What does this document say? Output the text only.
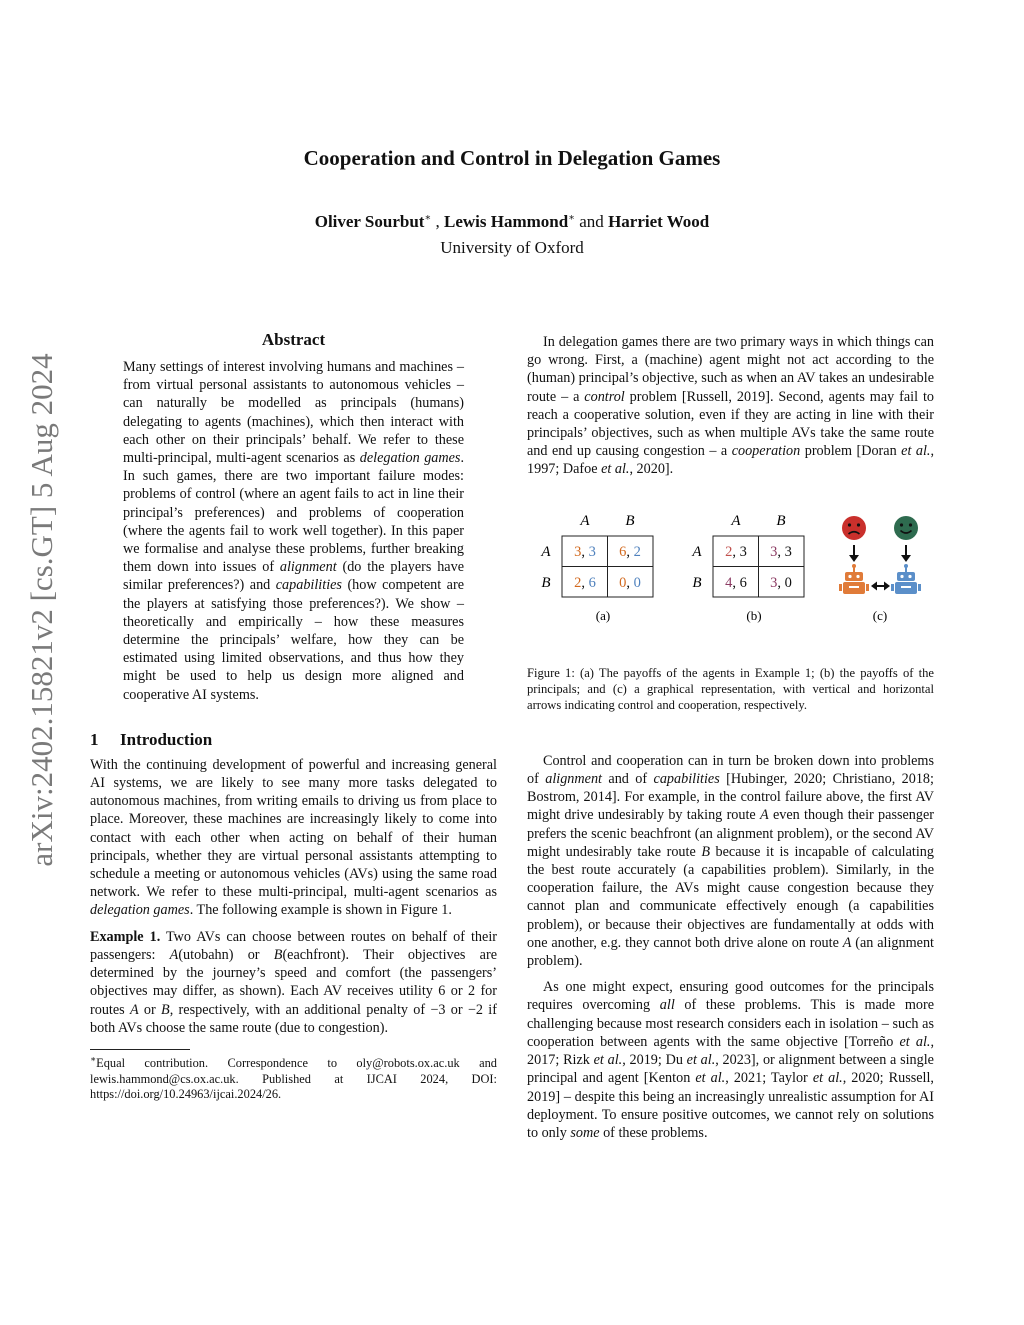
arXiv:2402.15821v2 [cs.GT] 5 Aug 2024
Cooperation and Control in Delegation Games
Oliver Sourbut∗ , Lewis Hammond∗ and Harriet Wood
University of Oxford
Abstract
Many settings of interest involving humans and machines – from virtual personal assistants to autonomous vehicles – can naturally be modelled as principals (humans) delegating to agents (machines), which then interact with each other on their principals’ behalf. We refer to these multi-principal, multi-agent scenarios as delegation games. In such games, there are two important failure modes: problems of control (where an agent fails to act in line their principal’s preferences) and problems of cooperation (where the agents fail to work well together). In this paper we formalise and analyse these problems, further breaking them down into issues of alignment (do the players have similar preferences?) and capabilities (how competent are the players at satisfying those preferences?). We show – theoretically and empirically – how these measures determine the principals’ welfare, how they can be estimated using limited observations, and thus how they might be used to help us design more aligned and cooperative AI systems.
1 Introduction

With the continuing development of powerful and increasing general AI systems, we are likely to see many more tasks delegated to autonomous machines, from writing emails to driving us from place to place. Moreover, these machines are increasingly likely to come into contact with each other when acting on behalf of their human principals, whether they are virtual personal assistants attempting to schedule a meeting or autonomous vehicles (AVs) using the same road network. We refer to these multi-principal, multi-agent scenarios as delegation games. The following example is shown in Figure 1.

Example 1. Two AVs can choose between routes on behalf of their passengers: A(utobahn) or B(eachfront). Their objectives are determined by the journey’s speed and comfort (the passengers’ objectives may differ, as shown). Each AV receives utility 6 or 2 for routes A or B, respectively, with an additional penalty of −3 or −2 if both AVs choose the same route (due to congestion).

∗Equal contribution. Correspondence to oly@robots.ox.ac.uk and lewis.hammond@cs.ox.ac.uk. Published at IJCAI 2024, DOI: https://doi.org/10.24963/ijcai.2024/26.

In delegation games there are two primary ways in which things can go wrong. First, a (machine) agent might not act according to the (human) principal’s objective, such as when an AV takes an undesirable route – a control problem [Russell, 2019]. Second, agents may fail to reach a cooperative solution, even if they are acting in line with their principals’ objectives, such as when multiple AVs take the same route and end up causing congestion – a cooperation problem [Doran et al., 1997; Dafoe et al., 2020].

A B
A
B
3, 3 6, 2
2, 6 0, 0
(a)
A B
A
B
2, 3 3, 3
4, 6 3, 0
(b)	(c)

Figure 1: (a) The payoffs of the agents in Example 1; (b) the payoffs of the principals; and (c) a graphical representation, with vertical and horizontal arrows indicating control and cooperation, respectively.

Control and cooperation can in turn be broken down into problems of alignment and of capabilities [Hubinger, 2020; Christiano, 2018; Bostrom, 2014]. For example, in the control failure above, the first AV might drive undesirably by taking route A even though their passenger prefers the scenic beachfront (an alignment problem), or the second AV might undesirably take route B because it is incapable of calculating the best route accurately (a capabilities problem). Similarly, in the cooperation failure, the AVs might cause congestion because they cannot plan and communicate effectively enough (a capabilities problem), or because their objectives are fundamentally at odds with one another, e.g. they cannot both drive alone on route A (an alignment problem).

As one might expect, ensuring good outcomes for the principals requires overcoming all of these problems. This is made more challenging because most research considers each in isolation – such as cooperation between agents with the same objective [Torreño et al., 2017; Rizk et al., 2019; Du et al., 2023], or alignment between a single principal and agent [Kenton et al., 2021; Taylor et al., 2020; Russell, 2019] – despite this being an increasingly unrealistic assumption for AI deployment. To ensure positive outcomes, we cannot rely on solutions to only some of these problems.
